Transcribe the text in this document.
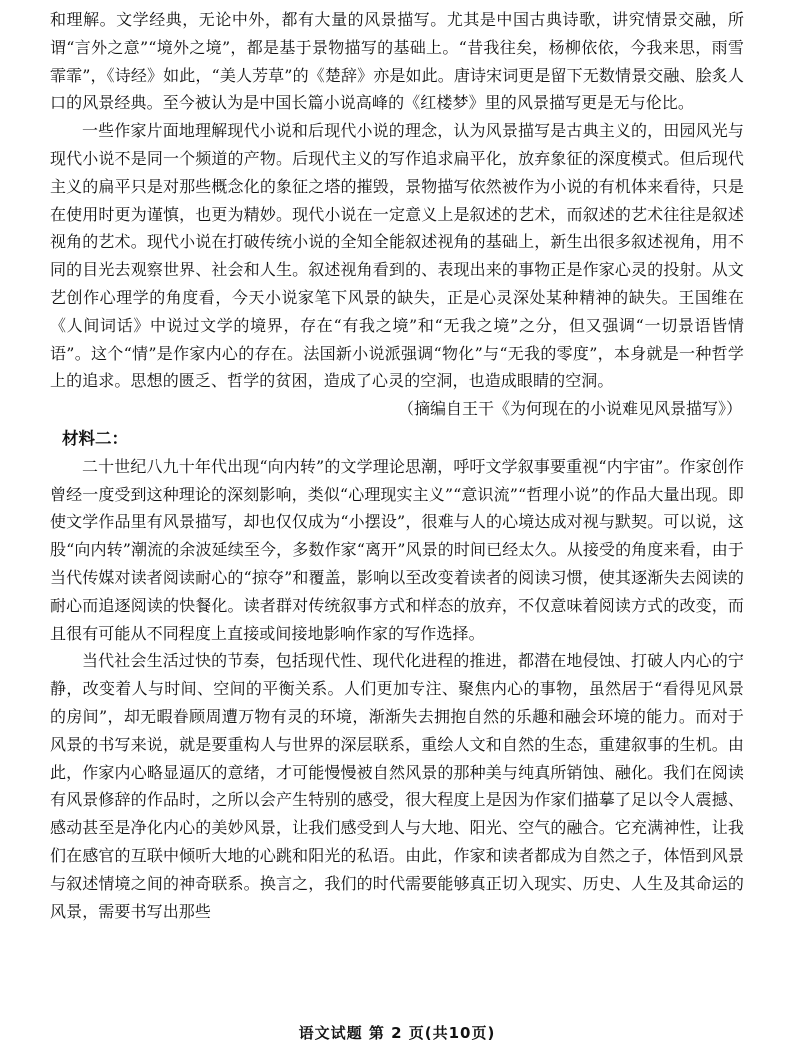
和理解。文学经典，无论中外，都有大量的风景描写。尤其是中国古典诗歌，讲究情景交融，所谓“言外之意”“境外之境”，都是基于景物描写的基础上。“昔我往矣，杨柳依依，今我来思，雨雪霏霏”，《诗经》如此，“美人芳草”的《楚辞》亦是如此。唐诗宋词更是留下无数情景交融、脍炙人口的风景经典。至今被认为是中国长篇小说高峰的《红楼梦》里的风景描写更是无与伦比。

一些作家片面地理解现代小说和后现代小说的理念，认为风景描写是古典主义的，田园风光与现代小说不是同一个频道的产物。后现代主义的写作追求扁平化，放弃象征的深度模式。但后现代主义的扁平只是对那些概念化的象征之塔的摧毁，景物描写依然被作为小说的有机体来看待，只是在使用时更为谨慎，也更为精妙。现代小说在一定意义上是叙述的艺术，而叙述的艺术往往是叙述视角的艺术。现代小说在打破传统小说的全知全能叙述视角的基础上，新生出很多叙述视角，用不同的目光去观察世界、社会和人生。叙述视角看到的、表现出来的事物正是作家心灵的投射。从文艺创作心理学的角度看，今天小说家笔下风景的缺失，正是心灵深处某种精神的缺失。王国维在《人间词话》中说过文学的境界，存在“有我之境”和“无我之境”之分，但又强调“一切景语皆情语”。这个“情”是作家内心的存在。法国新小说派强调“物化”与“无我的零度”，本身就是一种哲学上的追求。思想的匮乏、哲学的贫困，造成了心灵的空洞，也造成眼睛的空洞。

（摘编自王干《为何现在的小说难见风景描写》）

材料二：

二十世纪八九十年代出现“向内转”的文学理论思潮，呼吁文学叙事要重视“内宇宙”。作家创作曾经一度受到这种理论的深刻影响，类似“心理现实主义”“意识流”“哲理小说”的作品大量出现。即使文学作品里有风景描写，却也仅仅成为“小摆设”，很难与人的心境达成对视与默契。可以说，这股“向内转”潮流的余波延续至今，多数作家“离开”风景的时间已经太久。从接受的角度来看，由于当代传媒对读者阅读耐心的“掠夺”和覆盖，影响以至改变着读者的阅读习惯，使其逐渐失去阅读的耐心而追逐阅读的快餐化。读者群对传统叙事方式和样态的放弃，不仅意味着阅读方式的改变，而且很有可能从不同程度上直接或间接地影响作家的写作选择。

当代社会生活过快的节奏，包括现代性、现代化进程的推进，都潜在地侵蚀、打破人内心的宁静，改变着人与时间、空间的平衡关系。人们更加专注、聚焦内心的事物，虽然居于“看得见风景的房间”，却无暇眷顾周遭万物有灵的环境，渐渐失去拥抱自然的乐趣和融会环境的能力。而对于风景的书写来说，就是要重构人与世界的深层联系，重绘人文和自然的生态，重建叙事的生机。由此，作家内心略显逼仄的意绪，才可能慢慢被自然风景的那种美与纯真所销蚀、融化。我们在阅读有风景修辞的作品时，之所以会产生特别的感受，很大程度上是因为作家们描摹了足以令人震撼、感动甚至是净化内心的美妙风景，让我们感受到人与大地、阳光、空气的融合。它充满神性，让我们在感官的互联中倾听大地的心跳和阳光的私语。由此，作家和读者都成为自然之子，体悟到风景与叙述情境之间的神奇联系。换言之，我们的时代需要能够真正切入现实、历史、人生及其命运的风景，需要书写出那些

语文试题 第 2 页(共10页)
